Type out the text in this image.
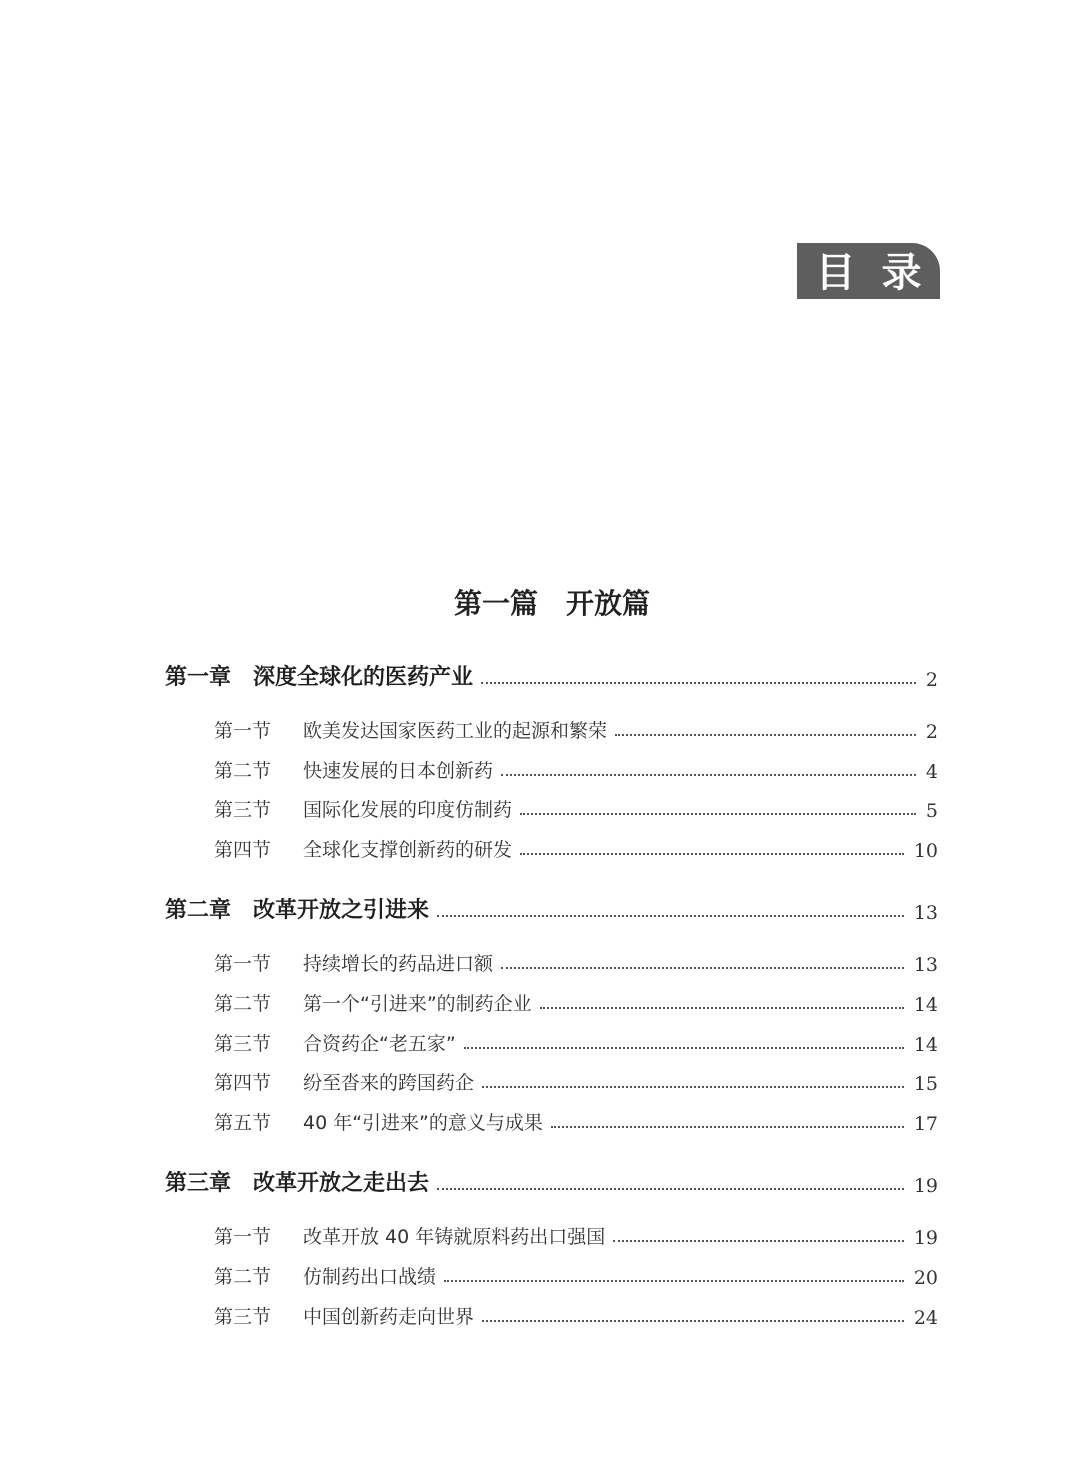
目录
第一篇　开放篇
第一章 深度全球化的医药产业	2
第一节	欧美发达国家医药工业的起源和繁荣	2
第二节	快速发展的日本创新药	4
第三节	国际化发展的印度仿制药	5
第四节	全球化支撑创新药的研发	10
第二章 改革开放之引进来	13
第一节	持续增长的药品进口额	13
第二节	第一个“引进来”的制药企业	14
第三节	合资药企“老五家”	14
第四节	纷至沓来的跨国药企	15
第五节	40 年“引进来”的意义与成果	17
第三章 改革开放之走出去	19
第一节	改革开放 40 年铸就原料药出口强国	19
第二节	仿制药出口战绩	20
第三节	中国创新药走向世界	24
